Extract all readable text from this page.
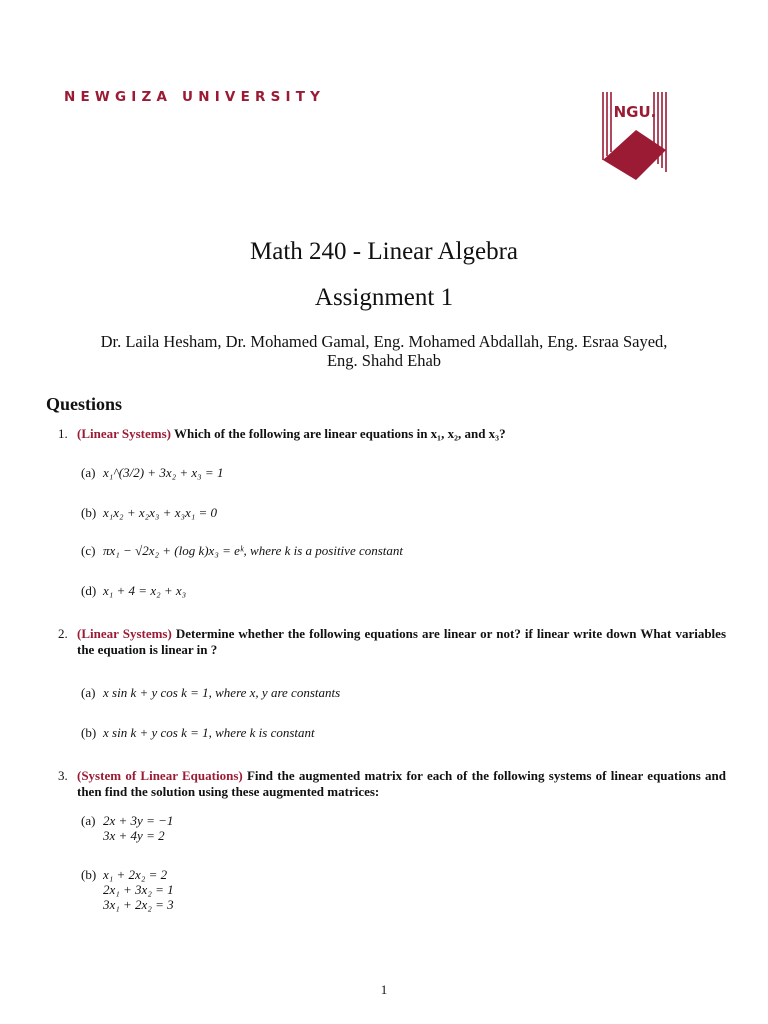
NEWGIZA UNIVERSITY
NGU.
Math 240 - Linear Algebra
Assignment 1
Dr. Laila Hesham, Dr. Mohamed Gamal, Eng. Mohamed Abdallah, Eng. Esraa Sayed,
Eng. Shahd Ehab
Questions
1. (Linear Systems) Which of the following are linear equations in x₁, x₂, and x₃?
(a) x₁^(3/2) + 3x₂ + x₃ = 1
(b) x₁x₂ + x₂x₃ + x₃x₁ = 0
(c) πx₁ − √2x₂ + (log k)x₃ = eᵏ, where k is a positive constant
(d) x₁ + 4 = x₂ + x₃
2. (Linear Systems) Determine whether the following equations are linear or not? if linear write down What variables the equation is linear in ?
(a) x sin k + y cos k = 1, where x, y are constants
(b) x sin k + y cos k = 1, where k is constant
3. (System of Linear Equations) Find the augmented matrix for each of the following systems of linear equations and then find the solution using these augmented matrices:
(a) 2x + 3y = −1
3x + 4y = 2
(b) x₁ + 2x₂ = 2
2x₁ + 3x₂ = 1
3x₁ + 2x₂ = 3
1
